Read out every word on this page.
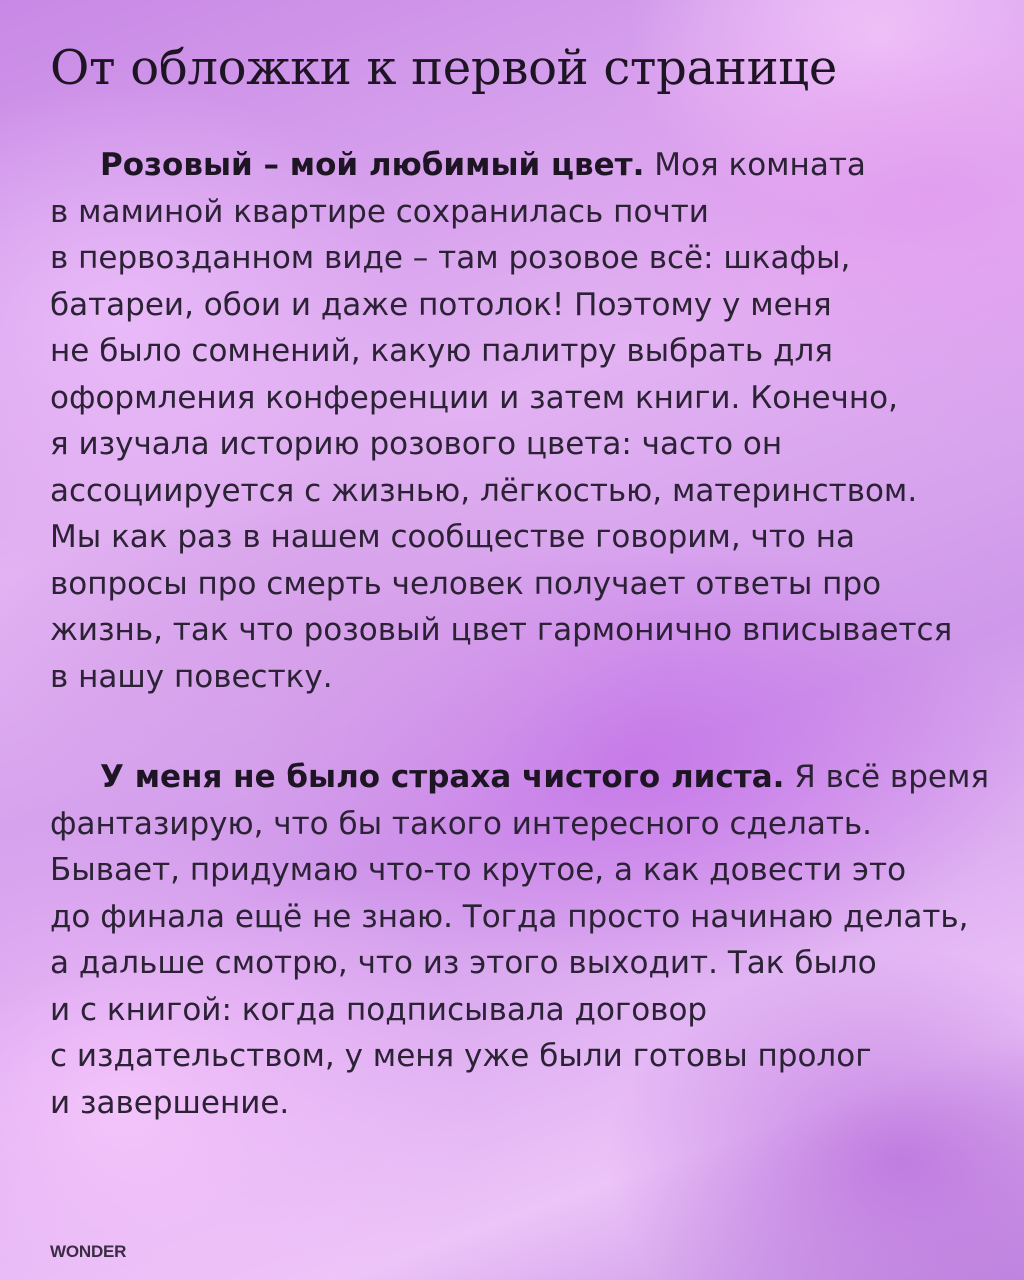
От обложки к первой странице
Розовый – мой любимый цвет. Моя комната
в маминой квартире сохранилась почти
в первозданном виде – там розовое всё: шкафы,
батареи, обои и даже потолок! Поэтому у меня
не было сомнений, какую палитру выбрать для
оформления конференции и затем книги. Конечно,
я изучала историю розового цвета: часто он
ассоциируется с жизнью, лёгкостью, материнством.
Мы как раз в нашем сообществе говорим, что на
вопросы про смерть человек получает ответы про
жизнь, так что розовый цвет гармонично вписывается
в нашу повестку.
У меня не было страха чистого листа. Я всё время
фантазирую, что бы такого интересного сделать.
Бывает, придумаю что-то крутое, а как довести это
до финала ещё не знаю. Тогда просто начинаю делать,
а дальше смотрю, что из этого выходит. Так было
и с книгой: когда подписывала договор
с издательством, у меня уже были готовы пролог
и завершение.
WONDER
